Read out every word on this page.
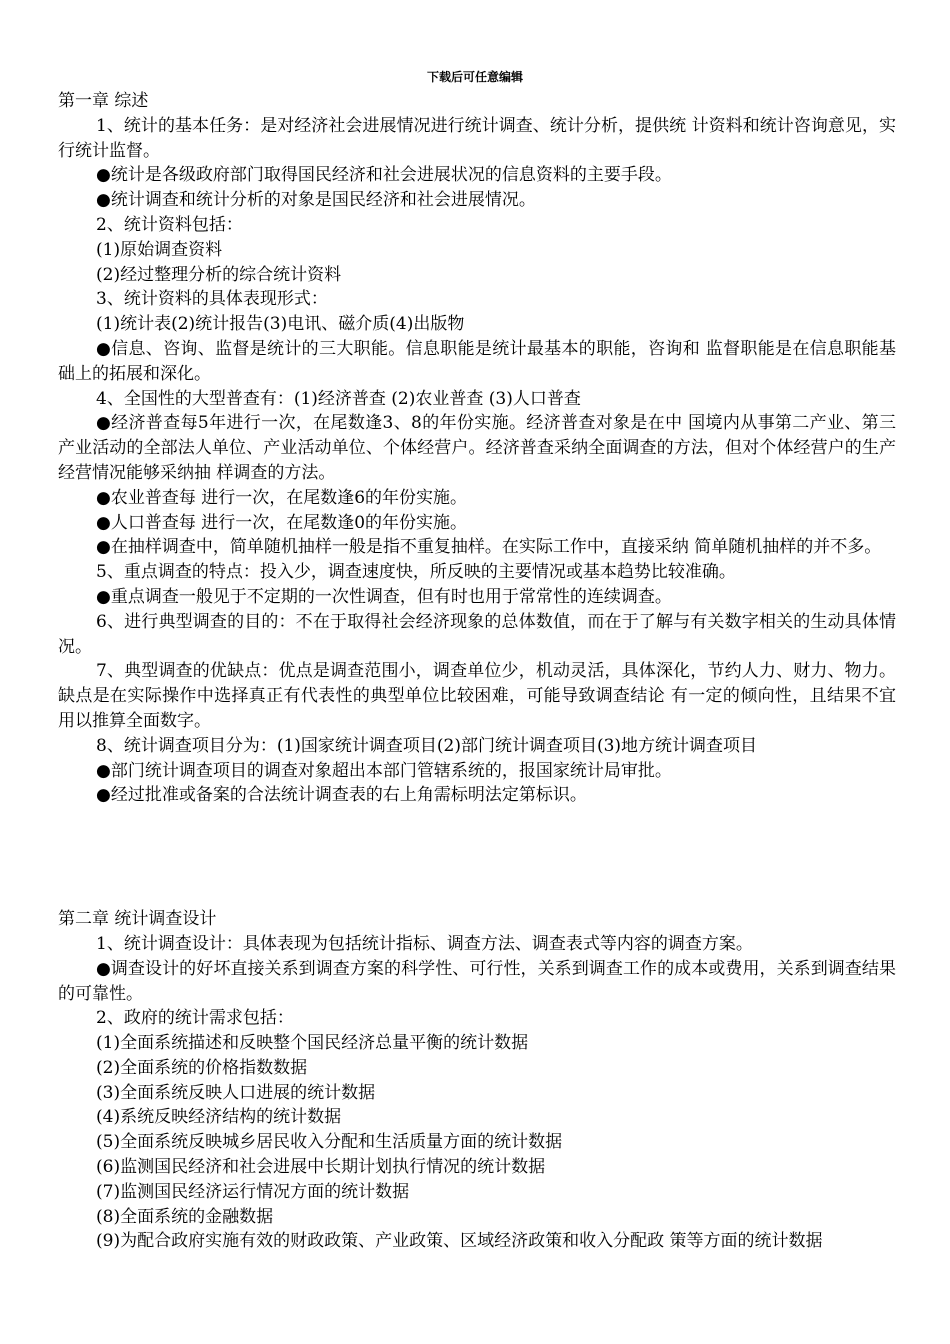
下载后可任意编辑

第一章 综述

1、统计的基本任务：是对经济社会进展情况进行统计调查、统计分析，提供统 计资料和统计咨询意见，实行统计监督。

●统计是各级政府部门取得国民经济和社会进展状况的信息资料的主要手段。

●统计调查和统计分析的对象是国民经济和社会进展情况。

2、统计资料包括：

(1)原始调查资料

(2)经过整理分析的综合统计资料

3、统计资料的具体表现形式：

(1)统计表(2)统计报告(3)电讯、磁介质(4)出版物

●信息、咨询、监督是统计的三大职能。信息职能是统计最基本的职能，咨询和 监督职能是在信息职能基础上的拓展和深化。

4、全国性的大型普查有：(1)经济普查 (2)农业普查 (3)人口普查

●经济普查每5年进行一次，在尾数逢3、8的年份实施。经济普查对象是在中 国境内从事第二产业、第三产业活动的全部法人单位、产业活动单位、个体经营户。经济普查采纳全面调查的方法，但对个体经营户的生产经营情况能够采纳抽 样调查的方法。

●农业普查每 进行一次，在尾数逢6的年份实施。

●人口普查每 进行一次，在尾数逢0的年份实施。

●在抽样调查中，简单随机抽样一般是指不重复抽样。在实际工作中，直接采纳 简单随机抽样的并不多。

5、重点调查的特点：投入少，调查速度快，所反映的主要情况或基本趋势比较准确。

●重点调查一般见于不定期的一次性调查，但有时也用于常常性的连续调查。

6、进行典型调查的目的：不在于取得社会经济现象的总体数值，而在于了解与有关数字相关的生动具体情况。

7、典型调查的优缺点：优点是调查范围小，调查单位少，机动灵活，具体深化，节约人力、财力、物力。缺点是在实际操作中选择真正有代表性的典型单位比较困难，可能导致调查结论 有一定的倾向性，且结果不宜用以推算全面数字。

8、统计调查项目分为：(1)国家统计调查项目(2)部门统计调查项目(3)地方统计调查项目

●部门统计调查项目的调查对象超出本部门管辖系统的，报国家统计局审批。

●经过批准或备案的合法统计调查表的右上角需标明法定第标识。

第二章 统计调查设计

1、统计调查设计：具体表现为包括统计指标、调查方法、调查表式等内容的调查方案。

●调查设计的好坏直接关系到调查方案的科学性、可行性，关系到调查工作的成本或费用，关系到调查结果的可靠性。

2、政府的统计需求包括：

(1)全面系统描述和反映整个国民经济总量平衡的统计数据

(2)全面系统的价格指数数据

(3)全面系统反映人口进展的统计数据

(4)系统反映经济结构的统计数据

(5)全面系统反映城乡居民收入分配和生活质量方面的统计数据

(6)监测国民经济和社会进展中长期计划执行情况的统计数据

(7)监测国民经济运行情况方面的统计数据

(8)全面系统的金融数据

(9)为配合政府实施有效的财政政策、产业政策、区域经济政策和收入分配政 策等方面的统计数据
